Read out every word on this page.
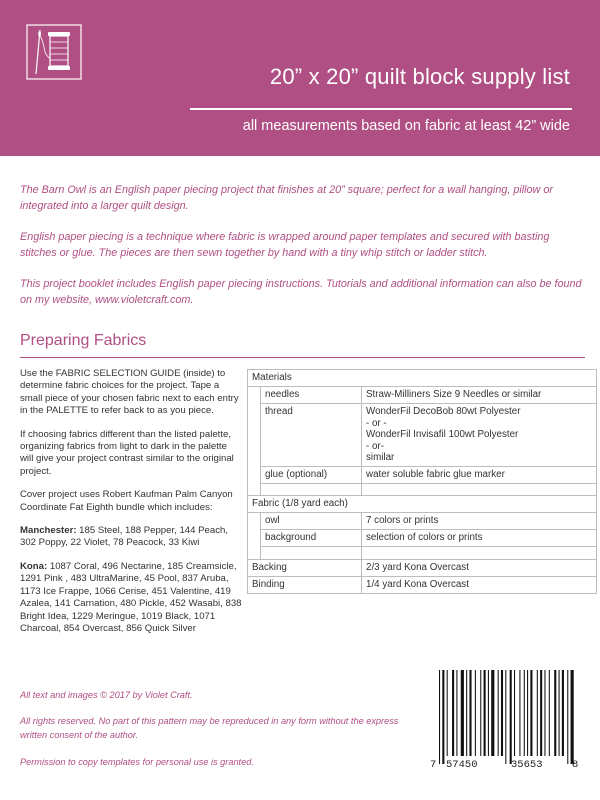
20” x 20” quilt block supply list
all measurements based on fabric at least 42” wide

The Barn Owl is an English paper piecing project that finishes at 20” square; perfect for a wall hanging, pillow or integrated into a larger quilt design.

English paper piecing is a technique where fabric is wrapped around paper templates and secured with basting stitches or glue. The pieces are then sewn together by hand with a tiny whip stitch or ladder stitch.

This project booklet includes English paper piecing instructions. Tutorials and additional information can also be found on my website, www.violetcraft.com.

Preparing Fabrics

Use the FABRIC SELECTION GUIDE (inside) to determine fabric choices for the project. Tape a small piece of your chosen fabric next to each entry in the PALETTE to refer back to as you piece.

If choosing fabrics different than the listed palette, organizing fabrics from light to dark in the palette will give your project contrast similar to the original project.

Cover project uses Robert Kaufman Palm Canyon Coordinate Fat Eighth bundle which includes:

Manchester: 185 Steel, 188 Pepper, 144 Peach, 302 Poppy, 22 Violet, 78 Peacock, 33 Kiwi

Kona: 1087 Coral, 496 Nectarine, 185 Creamsicle, 1291 Pink , 483 UltraMarine, 45 Pool, 837 Aruba, 1173 Ice Frappe, 1066 Cerise, 451 Valentine, 419 Azalea, 141 Carnation, 480 Pickle, 452 Wasabi, 838 Bright Idea, 1229 Meringue, 1019 Black, 1071 Charcoal, 854 Overcast, 856 Quick Silver

Materials		
	needles	Straw-Milliners Size 9 Needles or similar
	thread	WonderFil DecoBob 80wt Polyester
- or -
WonderFil Invisafil 100wt Polyester
- or-
similar

	glue (optional)	water soluble fabric glue marker

Fabric (1/8 yard each)		
	owl	7 colors or prints
	background	selection of colors or prints

Backing		2/3 yard Kona Overcast
Binding		1/4 yard Kona Overcast

All text and images © 2017 by Violet Craft.

All rights reserved. No part of this pattern may be repreduced in any form without the express written consent of the author.

Permission to copy templates for personal use is granted.	7 57450	35653	8
